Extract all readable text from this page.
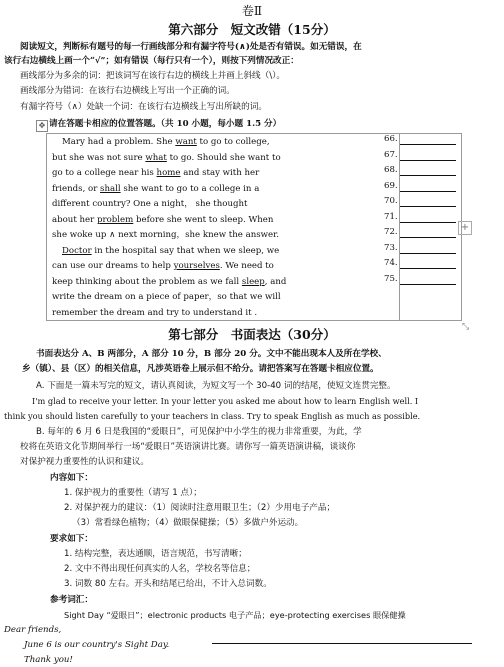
卷Ⅱ
第六部分　短文改错（15分）
阅读短文，判断标有题号的每一行画线部分和有漏字符号(∧)处是否有错误。如无错误，在
该行右边横线上画一个“√”；如有错误（每行只有一个），则按下列情况改正：
画线部分为多余的词：把该词写在该行右边的横线上并画上斜线（\）。
画线部分为错词：在该行右边横线上写出一个正确的词。
有漏字符号（∧）处缺一个词：在该行右边横线上写出所缺的词。
✥ 请在答题卡相应的位置答题。（共 10 小题，每小题 1.5 分）
Mary had a problem. She want to go to college,	66.
but she was not sure what to go. Should she want to	67.
go to a college near his home and stay with her	68.
friends, or shall she want to go to a college in a	69.
different country? One a night， she thought	70.
about her problem before she went to sleep. When	71.
she woke up ∧ next morning，she knew the answer.	72.
Doctor in the hospital say that when we sleep, we	73.
can use our dreams to help yourselves. We need to	74.
keep thinking about the problem as we fall sleep, and	75.
write the dream on a piece of paper，so that we will
remember the dream and try to understand it .
+
⤡
第七部分　书面表达（30分）
书面表达分 A、B 两部分，A 部分 10 分，B 部分 20 分。文中不能出现本人及所在学校、
乡（镇）、县（区）的相关信息，凡涉英语卷上展示但不给分。请把答案写在答题卡相应位置。
A. 下面是一篇未写完的短文，请认真阅读，为短文写一个 30-40 词的结尾，使短文连贯完整。
I'm glad to receive your letter. In your letter you asked me about how to learn English well. I
think you should listen carefully to your teachers in class. Try to speak English as much as possible.
B. 每年的 6 月 6 日是我国的“爱眼日”，可见保护中小学生的视力非常重要，为此，学
校将在英语文化节期间举行一场“爱眼日”英语演讲比赛。请你写一篇英语演讲稿，谈谈你
对保护视力重要性的认识和建议。
内容如下：
1. 保护视力的重要性（请写 1 点）；
2. 对保护视力的建议：（1）阅读时注意用眼卫生；（2）少用电子产品；
（3）常看绿色植物；（4）做眼保健操；（5）多做户外运动。
要求如下：
1. 结构完整，表达通顺，语言规范，书写清晰；
2. 文中不得出现任何真实的人名，学校名等信息；
3. 词数 80 左右。开头和结尾已给出，不计入总词数。
参考词汇：
Sight Day “爱眼日”；electronic products 电子产品；eye-protecting exercises 眼保健操
Dear friends,
June 6 is our country's Sight Day.
Thank you!
